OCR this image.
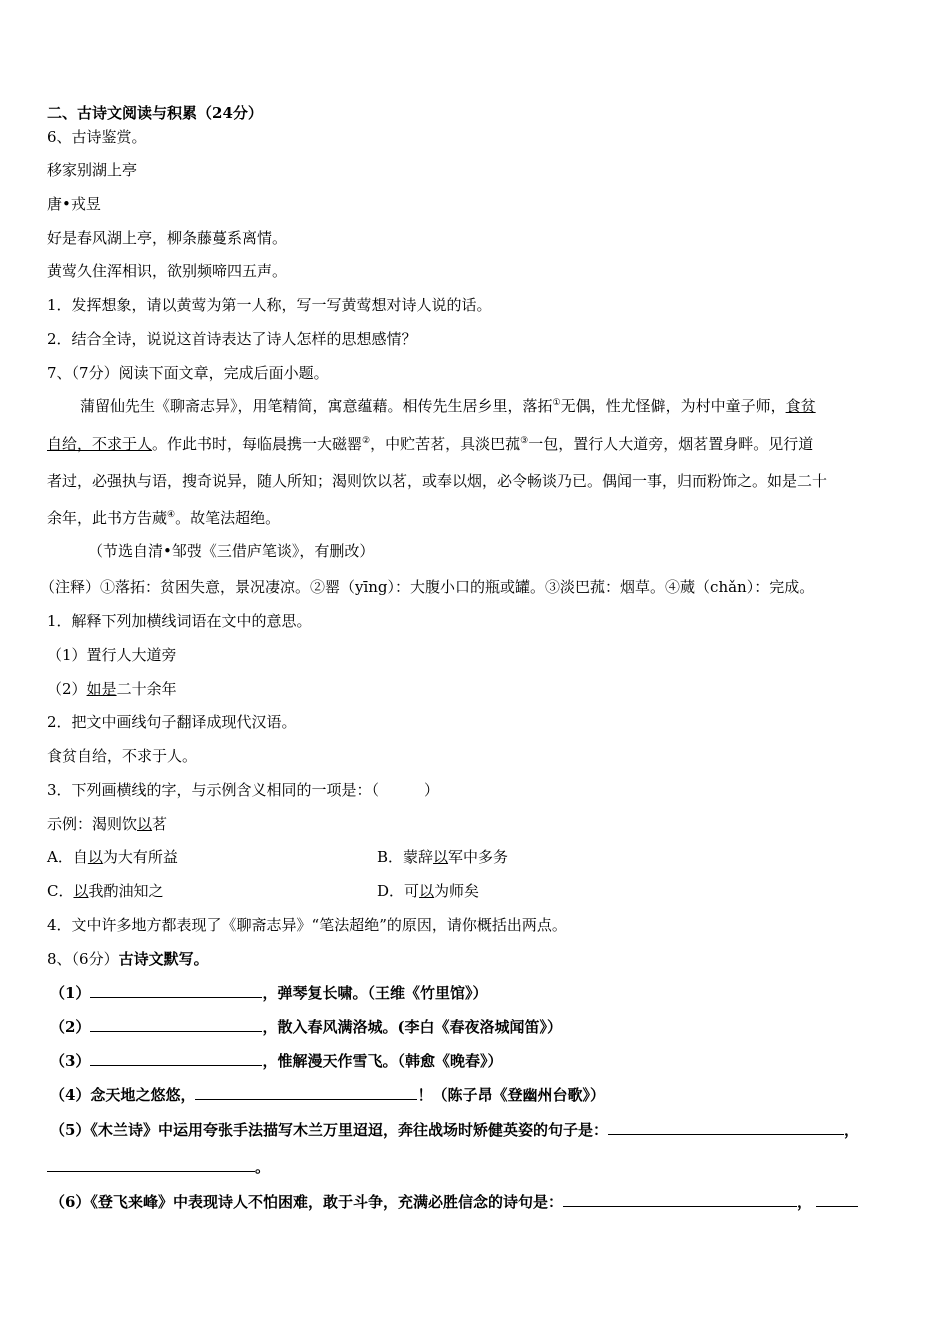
二、古诗文阅读与积累（24分）
6、古诗鉴赏。
移家别湖上亭
唐•戎昱
好是春风湖上亭，柳条藤蔓系离情。
黄莺久住浑相识，欲别频啼四五声。
1．发挥想象，请以黄莺为第一人称，写一写黄莺想对诗人说的话。
2．结合全诗，说说这首诗表达了诗人怎样的思想感情？
7、（7分）阅读下面文章，完成后面小题。
蒲留仙先生《聊斋志异》，用笔精简，寓意蕴藉。相传先生居乡里，落拓①无偶，性尤怪僻，为村中童子师，食贫
自给，不求于人。作此书时，每临晨携一大磁罂②，中贮苦茗，具淡巴菰③一包，置行人大道旁，烟茗置身畔。见行道
者过，必强执与语，搜奇说异，随人所知；渴则饮以茗，或奉以烟，必令畅谈乃已。偶闻一事，归而粉饰之。如是二十
余年，此书方告蒇④。故笔法超绝。
（节选自清•邹弢《三借庐笔谈》，有删改）
（注释）①落拓：贫困失意，景况凄凉。②罂（yīng）：大腹小口的瓶或罐。③淡巴菰：烟草。④蒇（chǎn）：完成。
1．解释下列加横线词语在文中的意思。
（1）置行人大道旁
（2）如是二十余年
2．把文中画线句子翻译成现代汉语。
食贫自给，不求于人。
3．下列画横线的字，与示例含义相同的一项是：（　　　）
示例：渴则饮以茗
A．自以为大有所益	B．蒙辞以军中多务
C．以我酌油知之	D．可以为师矣
4．文中许多地方都表现了《聊斋志异》“笔法超绝”的原因，请你概括出两点。
8、（6分）古诗文默写。
（1）	，弹琴复长啸。（王维《竹里馆》）
（2）	，散入春风满洛城。(李白《春夜洛城闻笛》）
（3）	，惟解漫天作雪飞。（韩愈《晚春》）
（4）念天地之悠悠，	！（陈子昂《登幽州台歌》）
（5）《木兰诗》中运用夸张手法描写木兰万里迢迢，奔往战场时矫健英姿的句子是：	，
。
（6）《登飞来峰》中表现诗人不怕困难，敢于斗争，充满必胜信念的诗句是：	，
